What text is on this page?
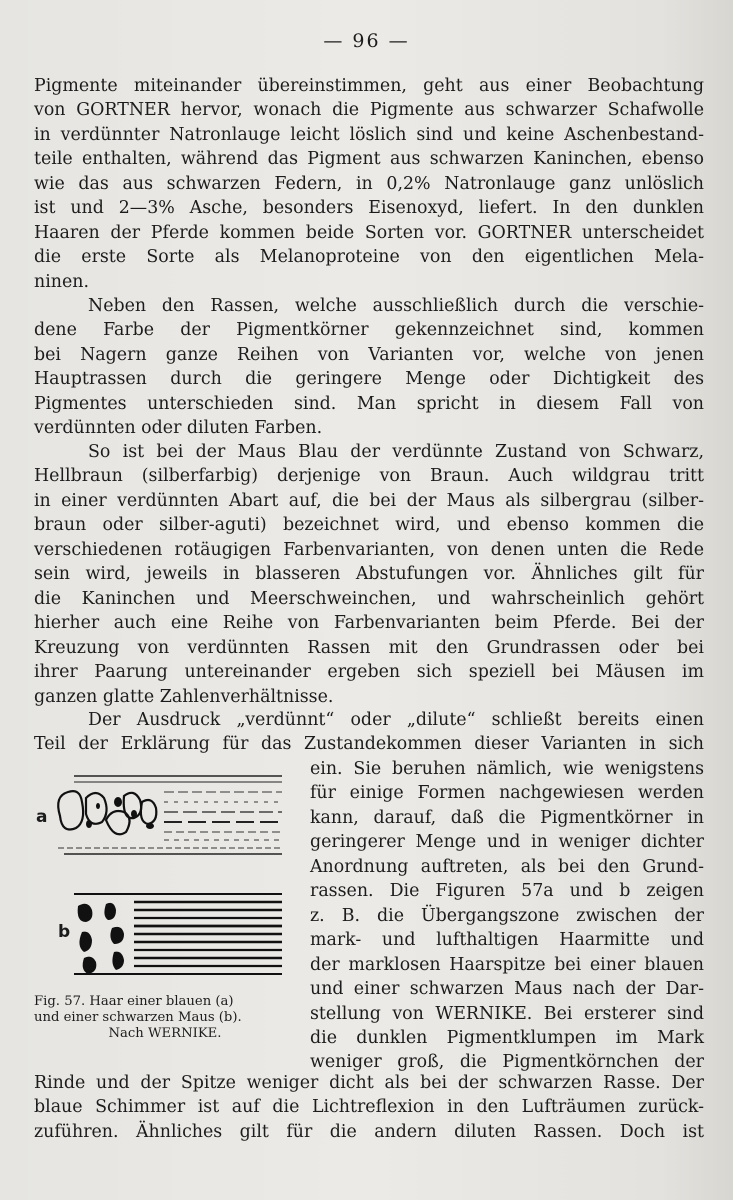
— 96 —
Pigmente miteinander übereinstimmen, geht aus einer Beobachtung
von GORTNER hervor, wonach die Pigmente aus schwarzer Schafwolle
in verdünnter Natronlauge leicht löslich sind und keine Aschenbestand-
teile enthalten, während das Pigment aus schwarzen Kaninchen, ebenso
wie das aus schwarzen Federn, in 0,2% Natronlauge ganz unlöslich
ist und 2—3% Asche, besonders Eisenoxyd, liefert. In den dunklen
Haaren der Pferde kommen beide Sorten vor. GORTNER unterscheidet
die erste Sorte als Melanoproteine von den eigentlichen Mela-
ninen.
Neben den Rassen, welche ausschließlich durch die verschie-
dene Farbe der Pigmentkörner gekennzeichnet sind, kommen
bei Nagern ganze Reihen von Varianten vor, welche von jenen
Hauptrassen durch die geringere Menge oder Dichtigkeit des
Pigmentes unterschieden sind. Man spricht in diesem Fall von
verdünnten oder diluten Farben.
So ist bei der Maus Blau der verdünnte Zustand von Schwarz,
Hellbraun (silberfarbig) derjenige von Braun. Auch wildgrau tritt
in einer verdünnten Abart auf, die bei der Maus als silbergrau (silber-
braun oder silber-aguti) bezeichnet wird, und ebenso kommen die
verschiedenen rotäugigen Farbenvarianten, von denen unten die Rede
sein wird, jeweils in blasseren Abstufungen vor. Ähnliches gilt für
die Kaninchen und Meerschweinchen, und wahrscheinlich gehört
hierher auch eine Reihe von Farbenvarianten beim Pferde. Bei der
Kreuzung von verdünnten Rassen mit den Grundrassen oder bei
ihrer Paarung untereinander ergeben sich speziell bei Mäusen im
ganzen glatte Zahlenverhältnisse.
Der Ausdruck „verdünnt“ oder „dilute“ schließt bereits einen
Teil der Erklärung für das Zustandekommen dieser Varianten in sich
ein. Sie beruhen nämlich, wie wenigstens
für einige Formen nachgewiesen werden
kann, darauf, daß die Pigmentkörner in
geringerer Menge und in weniger dichter
Anordnung auftreten, als bei den Grund-
rassen. Die Figuren 57a und b zeigen
z. B. die Übergangszone zwischen der
mark- und lufthaltigen Haarmitte und
der marklosen Haarspitze bei einer blauen
und einer schwarzen Maus nach der Dar-
stellung von WERNIKE. Bei ersterer sind
die dunklen Pigmentklumpen im Mark
weniger groß, die Pigmentkörnchen der
Rinde und der Spitze weniger dicht als bei der schwarzen Rasse. Der
blaue Schimmer ist auf die Lichtreflexion in den Lufträumen zurück-
zuführen. Ähnliches gilt für die andern diluten Rassen. Doch ist
a
b
Fig. 57. Haar einer blauen (a)
und einer schwarzen Maus (b).
Nach WERNIKE.
